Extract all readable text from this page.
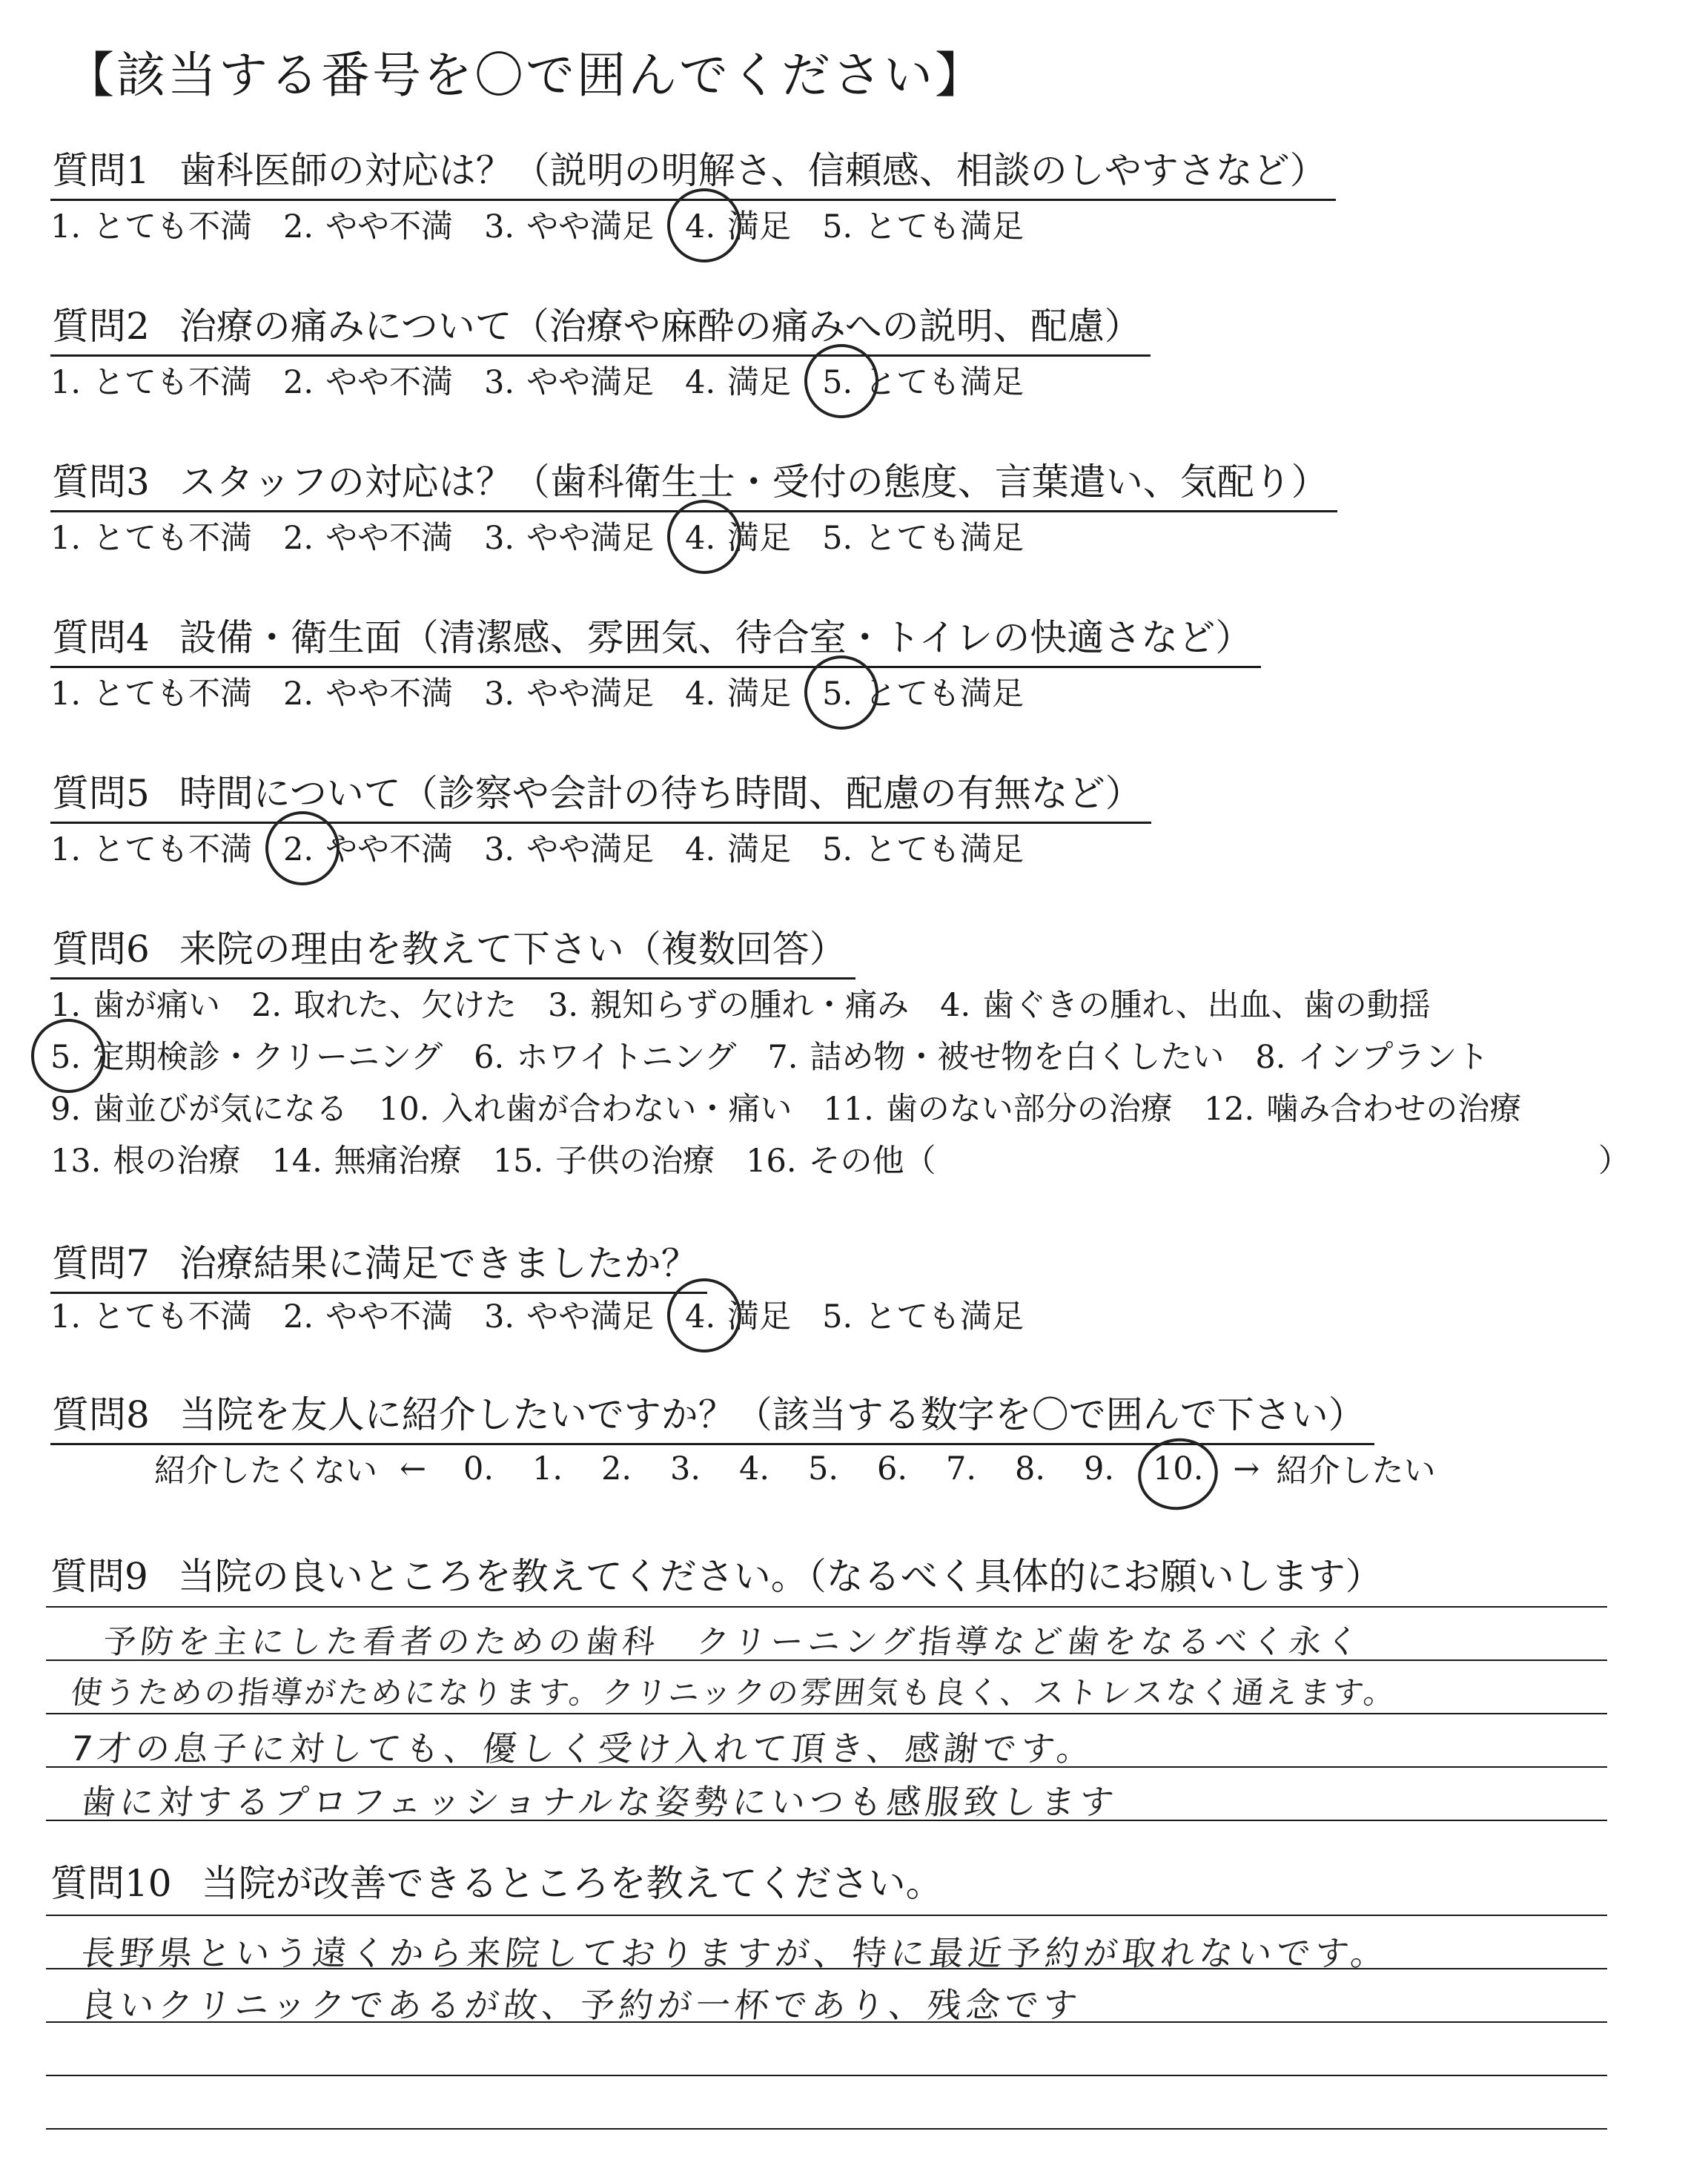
【該当する番号を〇で囲んでください】
質問1 歯科医師の対応は？（説明の明解さ、信頼感、相談のしやすさなど）
1. とても不満 2. やや不満 3. やや満足 4. 満足 5. とても満足
質問2 治療の痛みについて（治療や麻酔の痛みへの説明、配慮）
1. とても不満 2. やや不満 3. やや満足 4. 満足 5. とても満足
質問3 スタッフの対応は？（歯科衛生士・受付の態度、言葉遣い、気配り）
1. とても不満 2. やや不満 3. やや満足 4. 満足 5. とても満足
質問4 設備・衛生面（清潔感、雰囲気、待合室・トイレの快適さなど）
1. とても不満 2. やや不満 3. やや満足 4. 満足 5. とても満足
質問5 時間について（診察や会計の待ち時間、配慮の有無など）
1. とても不満 2. やや不満 3. やや満足 4. 満足 5. とても満足
質問6 来院の理由を教えて下さい（複数回答）
1. 歯が痛い 2. 取れた、欠けた 3. 親知らずの腫れ・痛み 4. 歯ぐきの腫れ、出血、歯の動揺
5. 定期検診・クリーニング 6. ホワイトニング 7. 詰め物・被せ物を白くしたい 8. インプラント
9. 歯並びが気になる 10. 入れ歯が合わない・痛い 11. 歯のない部分の治療 12. 噛み合わせの治療
13. 根の治療 14. 無痛治療 15. 子供の治療 16. その他（	）
質問7 治療結果に満足できましたか？
1. とても不満 2. やや不満 3. やや満足 4. 満足 5. とても満足
質問8 当院を友人に紹介したいですか？（該当する数字を〇で囲んで下さい）
紹介したくない ← 0.	1.	2.	3.	4.	5.	6.	7.	8.	9.	10. → 紹介したい
質問9 当院の良いところを教えてください。（なるべく具体的にお願いします）
予防を主にした看者のための歯科　クリーニング指導など歯をなるべく永く
使うための指導がためになります。クリニックの雰囲気も良く、ストレスなく通えます。
7才の息子に対しても、優しく受け入れて頂き、感謝です。
歯に対するプロフェッショナルな姿勢にいつも感服致します
質問10 当院が改善できるところを教えてください。
長野県という遠くから来院しておりますが、特に最近予約が取れないです。
良いクリニックであるが故、予約が一杯であり、残念です
